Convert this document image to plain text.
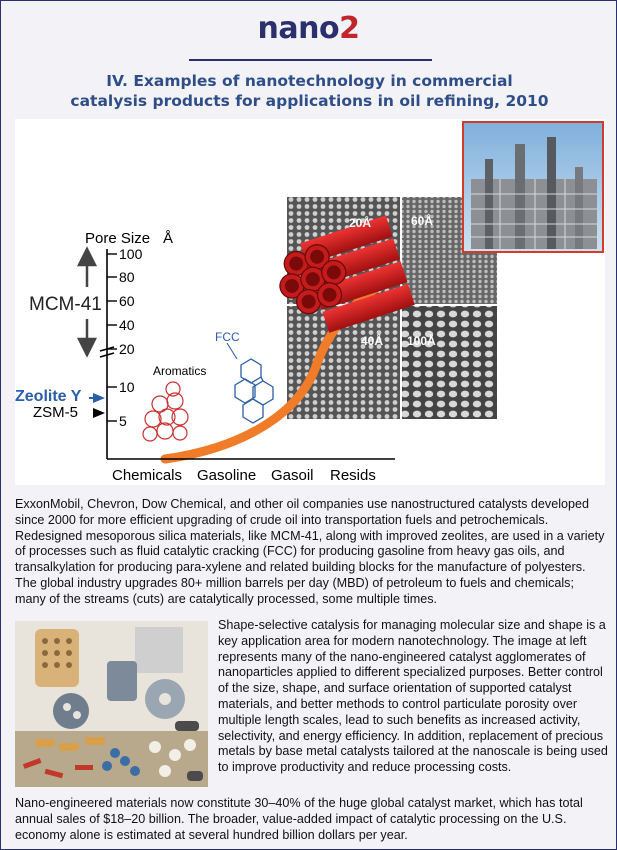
nano2
IV. Examples of nanotechnology in commercial
catalysis products for applications in oil refining, 2010
20Å	60Å
40Å 100Å
Pore Size Å
100
80
60
40
20
10
5
MCM-41
Zeolite Y
ZSM-5
Aromatics
FCC
Chemicals Gasoline Gasoil Resids
ExxonMobil, Chevron, Dow Chemical, and other oil companies use nanostructured catalysts developed since 2000 for more efficient upgrading of crude oil into transportation fuels and petrochemicals. Redesigned mesoporous silica materials, like MCM-41, along with improved zeolites, are used in a variety of processes such as fluid catalytic cracking (FCC) for producing gasoline from heavy gas oils, and transalkylation for producing para-xylene and related building blocks for the manufacture of polyesters. The global industry upgrades 80+ million barrels per day (MBD) of petroleum to fuels and chemicals; many of the streams (cuts) are catalytically processed, some multiple times.
Shape-selective catalysis for managing molecular size and shape is a key application area for modern nanotechnology. The image at left represents many of the nano-engineered catalyst agglomerates of nanoparticles applied to different specialized purposes. Better control of the size, shape, and surface orientation of supported catalyst materials, and better methods to control particulate porosity over multiple length scales, lead to such benefits as increased activity, selectivity, and energy efficiency. In addition, replacement of precious metals by base metal catalysts tailored at the nanoscale is being used to improve productivity and reduce processing costs.
Nano-engineered materials now constitute 30–40% of the huge global catalyst market, which has total annual sales of $18–20 billion. The broader, value-added impact of catalytic processing on the U.S. economy alone is estimated at several hundred billion dollars per year.
